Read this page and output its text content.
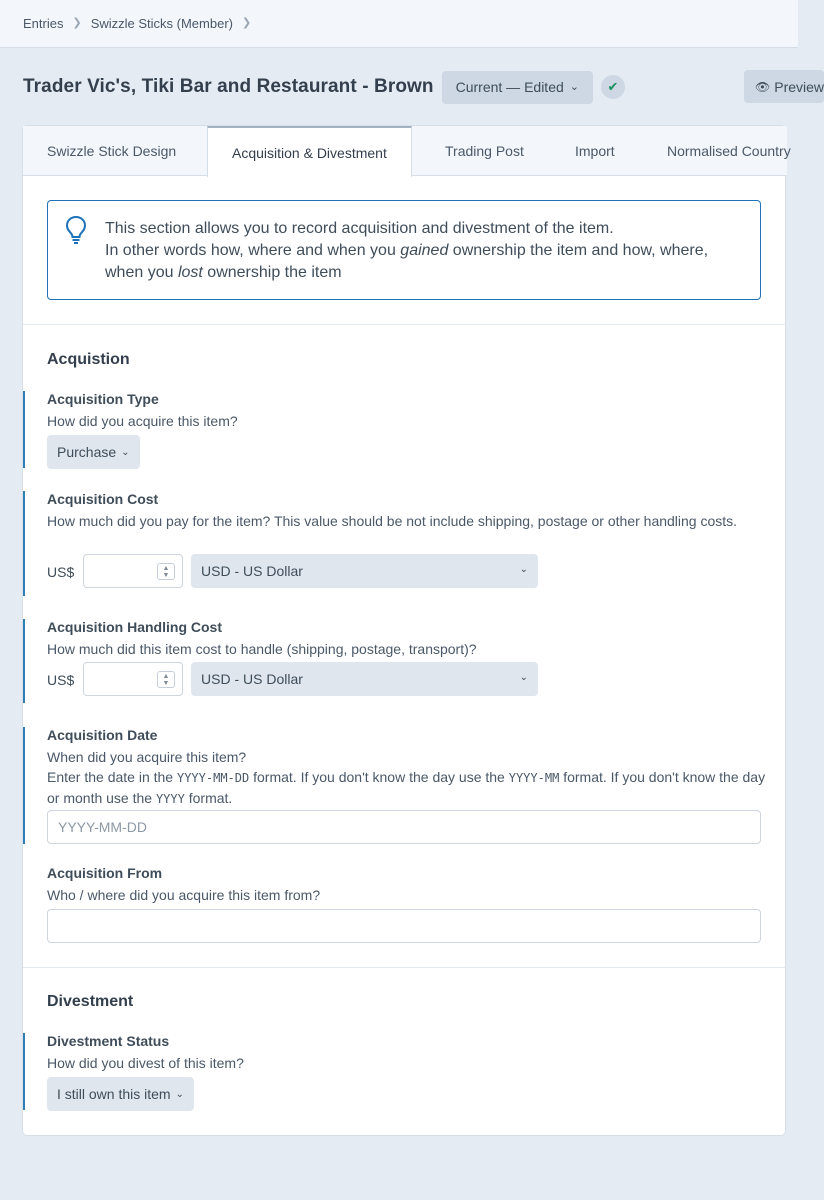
Entries ❯ Swizzle Sticks (Member) ❯
Trader Vic's, Tiki Bar and Restaurant - Brown Current — Edited ⌄	✔	👁 Preview
Swizzle Stick Design	Acquisition & Divestment	Trading Post	Import	Normalised Country
This section allows you to record acquisition and divestment of the item.
In other words how, where and when you gained ownership the item and how, where,
when you lost ownership the item
Acquistion
Acquisition Type
How did you acquire this item?
Purchase ⌄
Acquisition Cost
How much did you pay for the item? This value should be not include shipping, postage or other handling costs.
US$	▲
▼	USD - US Dollar	⌄
Acquisition Handling Cost
How much did this item cost to handle (shipping, postage, transport)?
US$	▲
▼	USD - US Dollar	⌄
Acquisition Date
When did you acquire this item?
Enter the date in the YYYY-MM-DD format. If you don't know the day use the YYYY-MM format. If you don't know the day or month use the YYYY format.
YYYY-MM-DD
Acquisition From
Who / where did you acquire this item from?
Divestment
Divestment Status
How did you divest of this item?
I still own this item ⌄
